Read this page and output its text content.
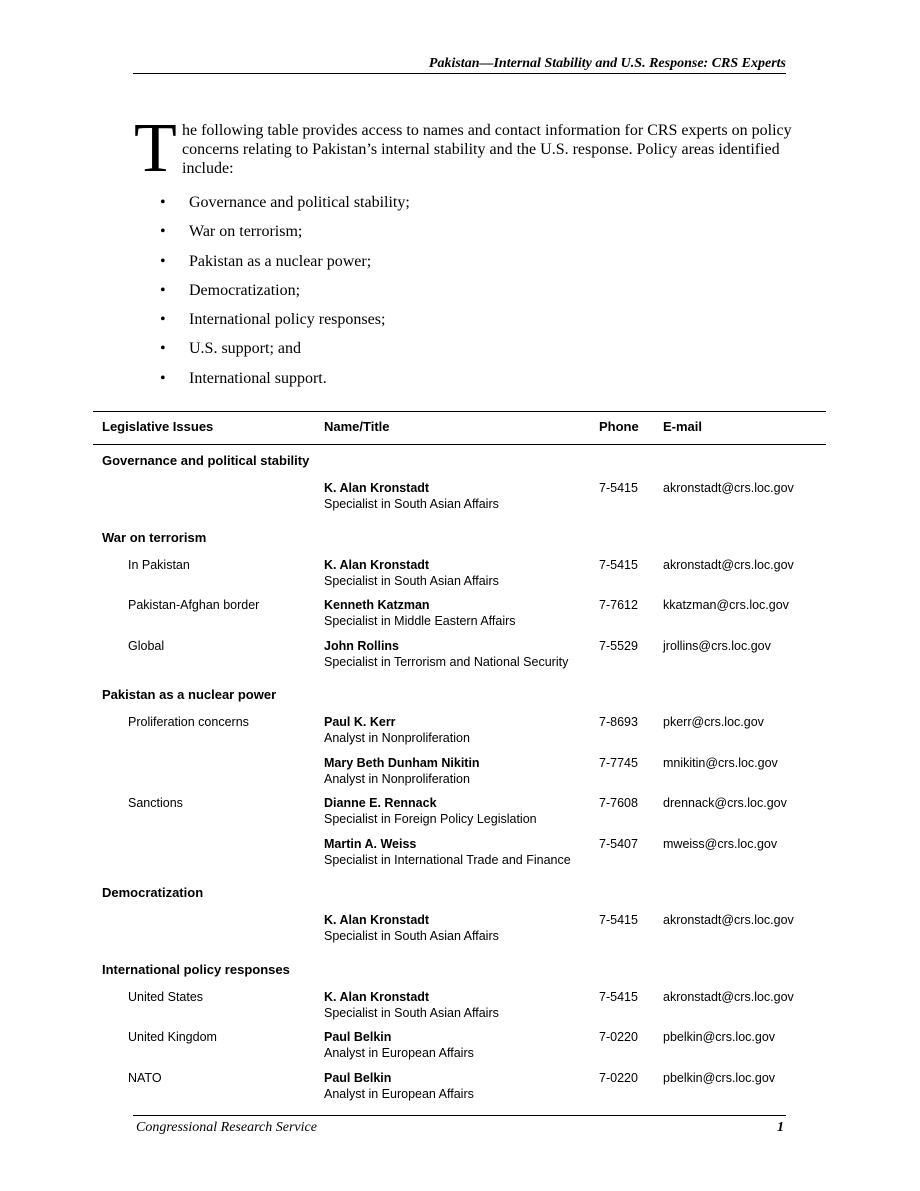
Pakistan—Internal Stability and U.S. Response: CRS Experts
T he following table provides access to names and contact information for CRS experts on policy concerns relating to Pakistan’s internal stability and the U.S. response. Policy areas identified include:
•	Governance and political stability;
•	War on terrorism;
•	Pakistan as a nuclear power;
•	Democratization;
•	International policy responses;
•	U.S. support; and
•	International support.
Legislative Issues	Name/Title	Phone E-mail
Governance and political stability
K. Alan Kronstadt
Specialist in South Asian Affairs
7-5415 akronstadt@crs.loc.gov
War on terrorism
In Pakistan	K. Alan Kronstadt
Specialist in South Asian Affairs
7-5415 akronstadt@crs.loc.gov
Pakistan-Afghan border	Kenneth Katzman
Specialist in Middle Eastern Affairs
7-7612 kkatzman@crs.loc.gov
Global	John Rollins
Specialist in Terrorism and National Security
7-5529 jrollins@crs.loc.gov
Pakistan as a nuclear power
Proliferation concerns	Paul K. Kerr
Analyst in Nonproliferation
7-8693 pkerr@crs.loc.gov
Mary Beth Dunham Nikitin
Analyst in Nonproliferation
7-7745 mnikitin@crs.loc.gov
Sanctions	Dianne E. Rennack
Specialist in Foreign Policy Legislation
7-7608 drennack@crs.loc.gov
Martin A. Weiss
Specialist in International Trade and Finance
7-5407 mweiss@crs.loc.gov
Democratization
K. Alan Kronstadt
Specialist in South Asian Affairs
7-5415 akronstadt@crs.loc.gov
International policy responses
United States	K. Alan Kronstadt
Specialist in South Asian Affairs
7-5415 akronstadt@crs.loc.gov
United Kingdom	Paul Belkin
Analyst in European Affairs
7-0220 pbelkin@crs.loc.gov
NATO	Paul Belkin
Analyst in European Affairs
7-0220 pbelkin@crs.loc.gov
Congressional Research Service	1
